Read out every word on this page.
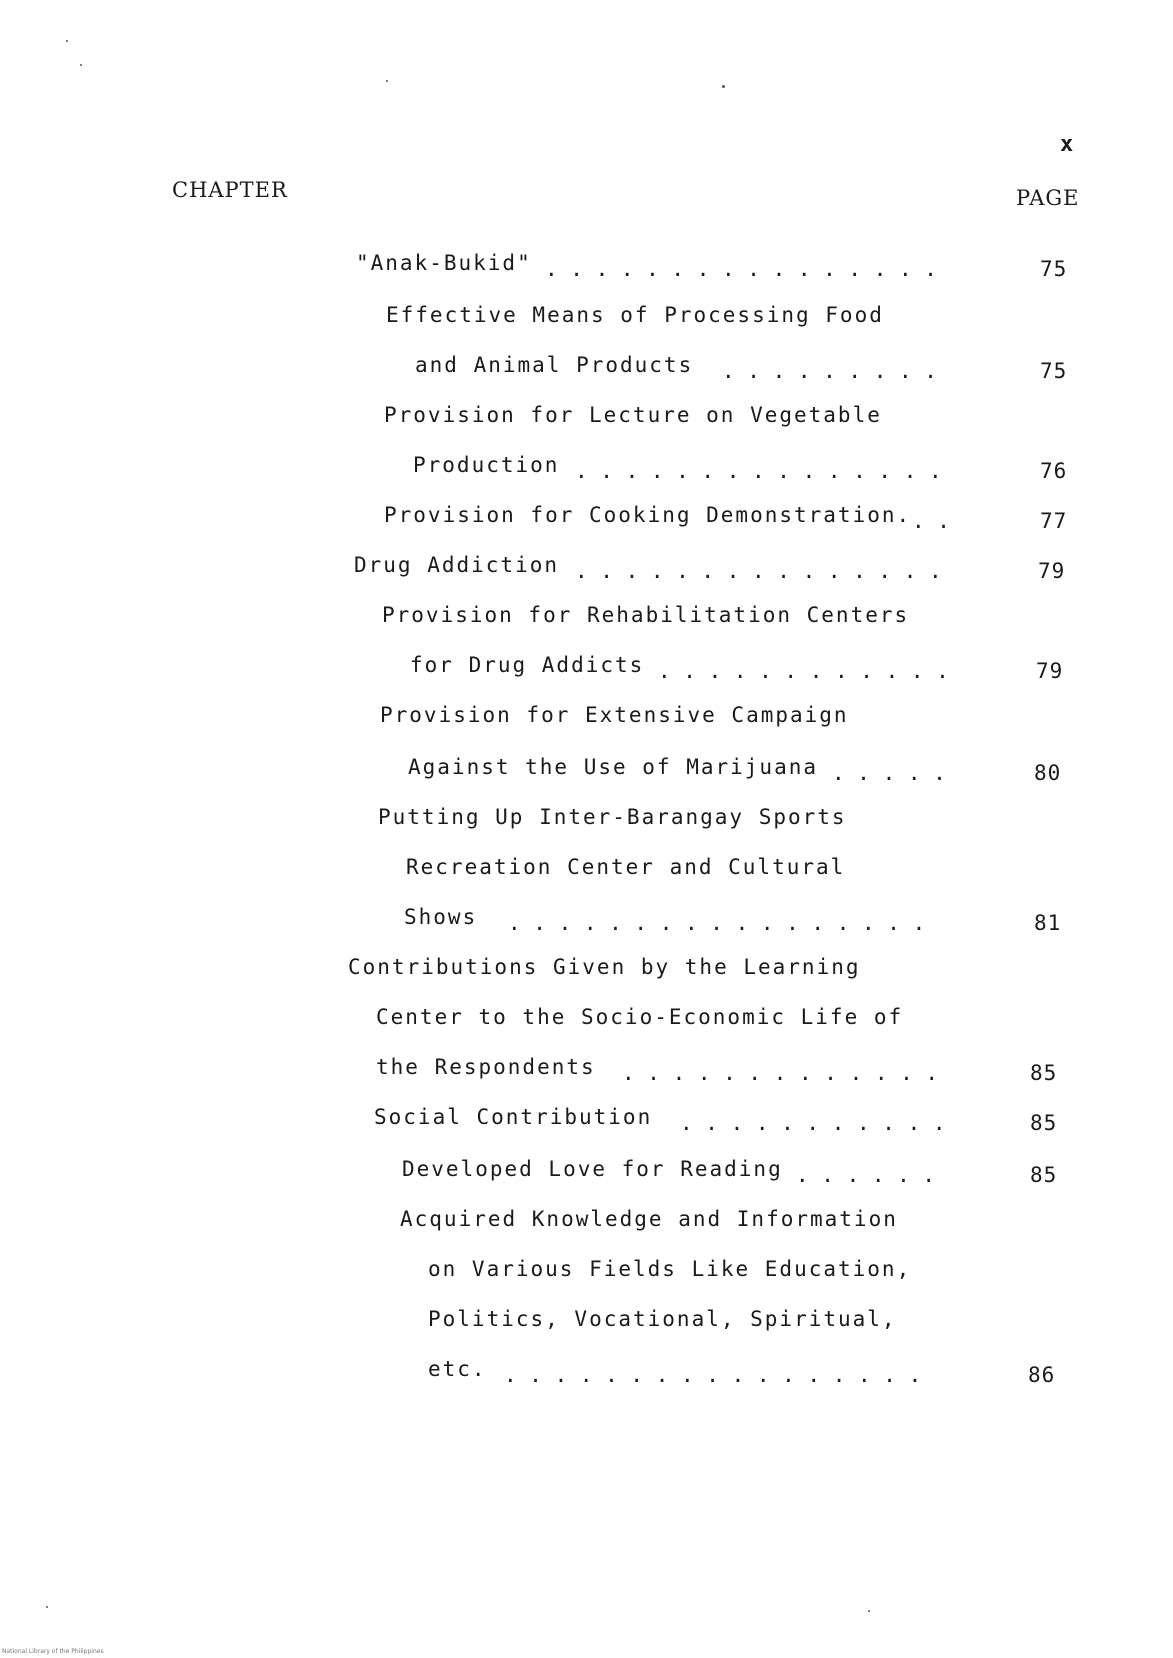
x
CHAPTER	PAGE
"Anak-Bukid" . . . . . . . . . . . . . . . .	75
Effective Means of Processing Food
and Animal Products . . . . . . . . .	75
Provision for Lecture on Vegetable
Production . . . . . . . . . . . . . . .	76
Provision for Cooking Demonstration. . .	77
Drug Addiction . . . . . . . . . . . . . . .	79
Provision for Rehabilitation Centers
for Drug Addicts . . . . . . . . . . . .	79
Provision for Extensive Campaign
Against the Use of Marijuana . . . . .	80
Putting Up Inter-Barangay Sports
Recreation Center and Cultural
Shows . . . . . . . . . . . . . . . . .	81
Contributions Given by the Learning
Center to the Socio-Economic Life of
the Respondents . . . . . . . . . . . . .	85
Social Contribution . . . . . . . . . . .	85
Developed Love for Reading . . . . . .	85
Acquired Knowledge and Information
on Various Fields Like Education,
Politics, Vocational, Spiritual,
etc. . . . . . . . . . . . . . . . . .	86
National Library of the Philippines
